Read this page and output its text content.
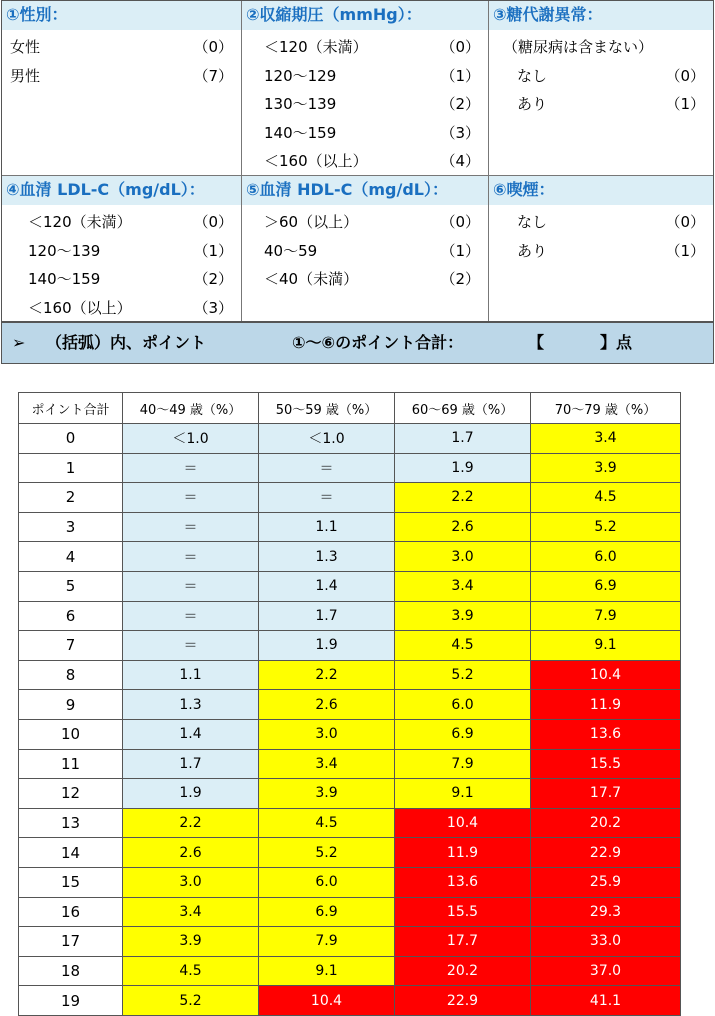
①性別：
女性	（0）
男性	（7）
②収縮期圧（mmHg）：
＜120（未満）	（0）
120～129	（1）
130～139	（2）
140～159	（3）
＜160（以上）	（4）
③糖代謝異常：
（糖尿病は含まない）
なし	（0）
あり	（1）
④血清 LDL-C（mg/dL）：
＜120（未満）	（0）
120～139	（1）
140～159	（2）
＜160（以上）	（3）
⑤血清 HDL-C（mg/dL）：
＞60（以上）	（0）
40～59	（1）
＜40（未満）	（2）
⑥喫煙：
なし	（0）
あり	（1）
➢ （括弧）内、ポイント	①～⑥のポイント合計：	【	】点
ポイント合計	40～49 歳（%）	50～59 歳（%）	60～69 歳（%）	70～79 歳（%）
0	＜1.0	＜1.0	1.7	3.4
1	＝	＝	1.9	3.9
2	＝	＝	2.2	4.5
3	＝	1.1	2.6	5.2
4	＝	1.3	3.0	6.0
5	＝	1.4	3.4	6.9
6	＝	1.7	3.9	7.9
7	＝	1.9	4.5	9.1
8	1.1	2.2	5.2	10.4
9	1.3	2.6	6.0	11.9
10	1.4	3.0	6.9	13.6
11	1.7	3.4	7.9	15.5
12	1.9	3.9	9.1	17.7
13	2.2	4.5	10.4	20.2
14	2.6	5.2	11.9	22.9
15	3.0	6.0	13.6	25.9
16	3.4	6.9	15.5	29.3
17	3.9	7.9	17.7	33.0
18	4.5	9.1	20.2	37.0
19	5.2	10.4	22.9	41.1
